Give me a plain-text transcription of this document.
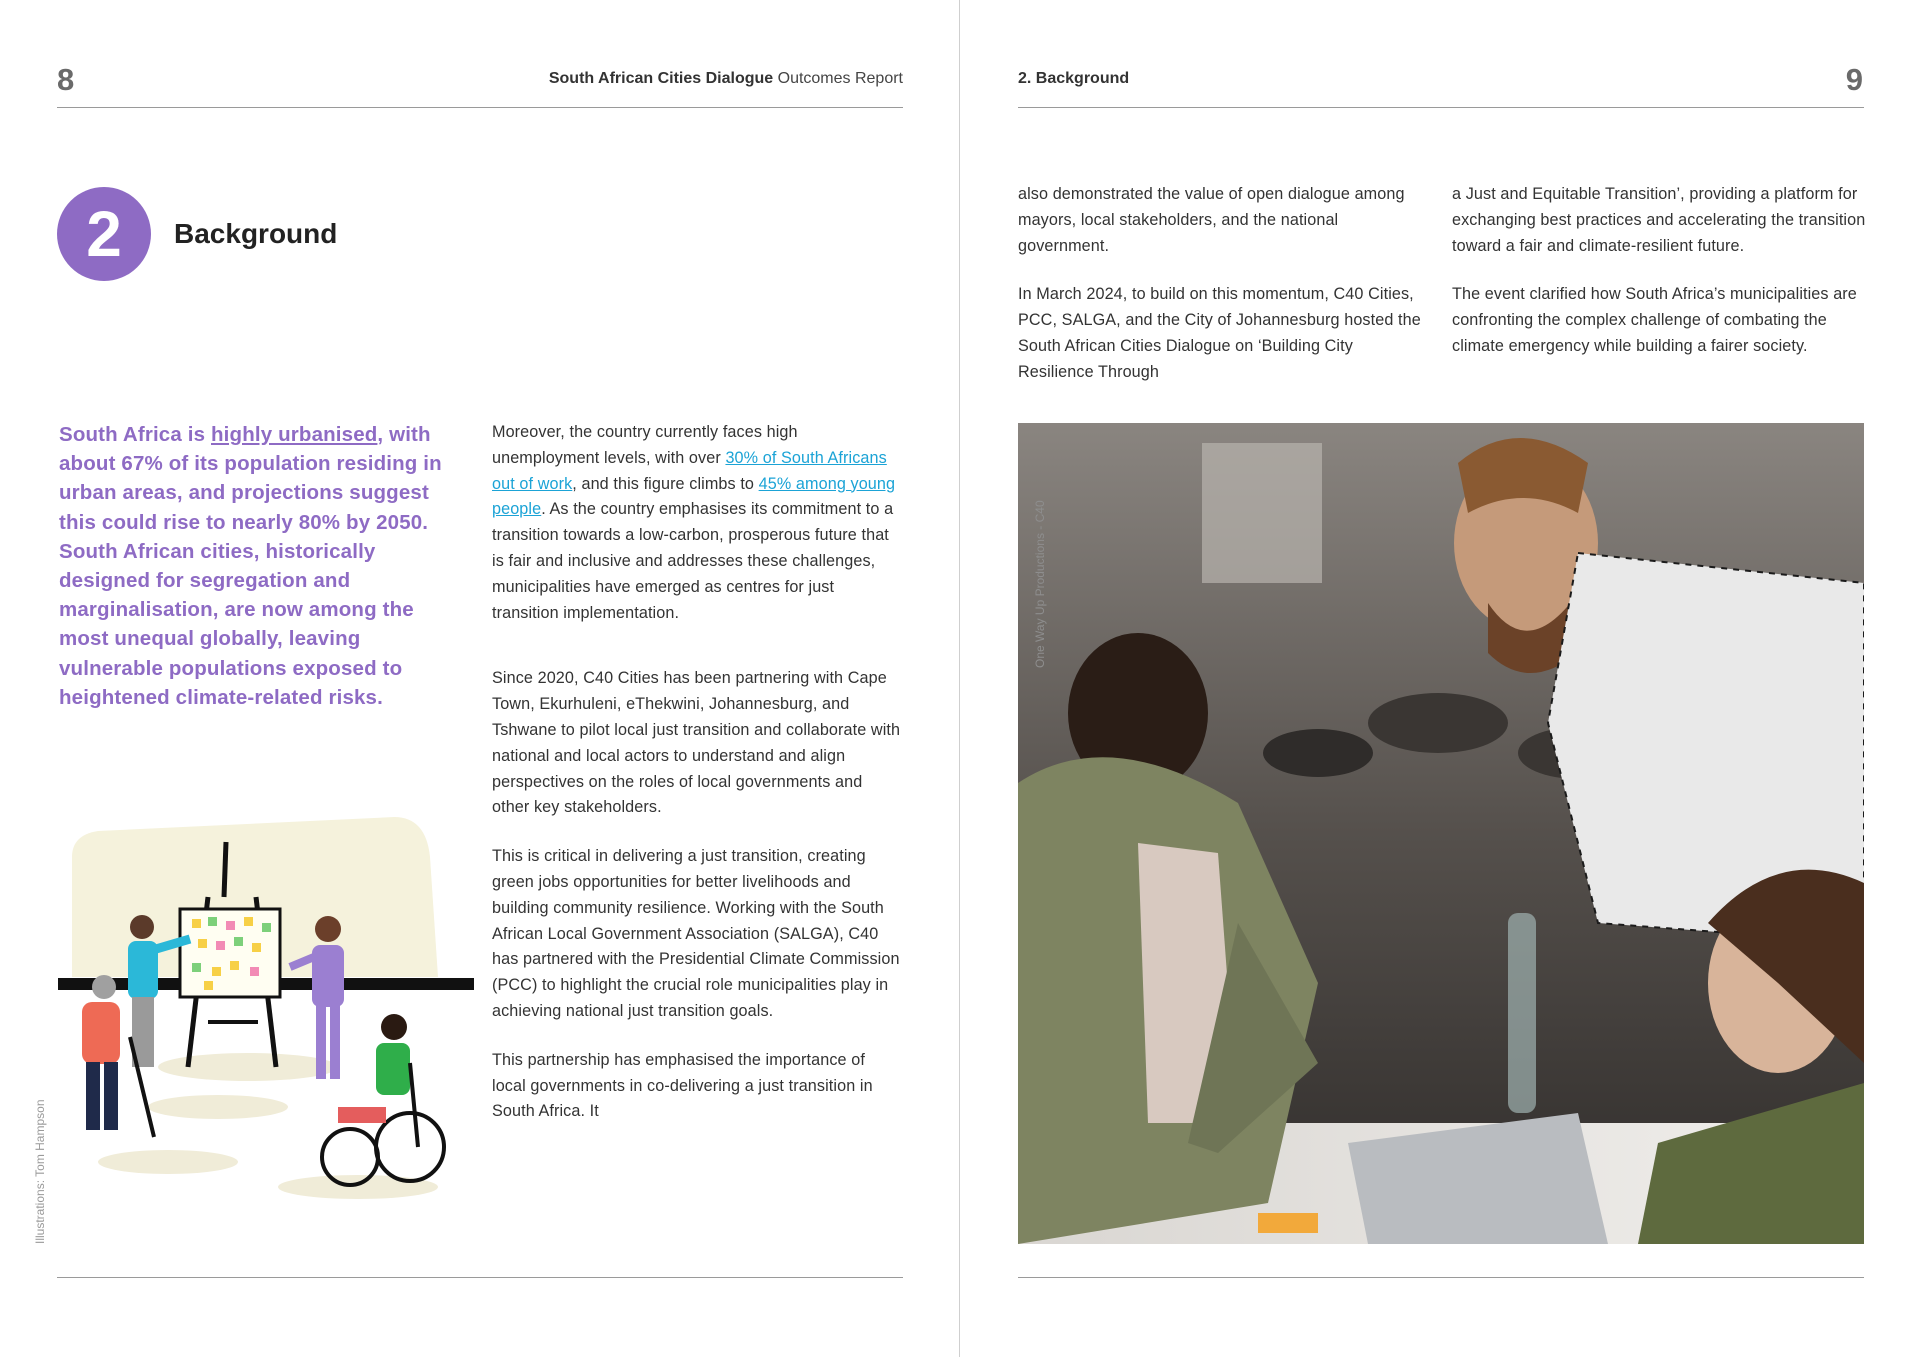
8	South African Cities Dialogue Outcomes Report
2	Background
South Africa is highly urbanised, with about 67% of its population residing in urban areas, and projections suggest this could rise to nearly 80% by 2050. South African cities, historically designed for segregation and marginalisation, are now among the most unequal globally, leaving vulnerable populations exposed to heightened climate-related risks.

Moreover, the country currently faces high unemployment levels, with over 30% of South Africans out of work, and this figure climbs to 45% among young people. As the country emphasises its commitment to a transition towards a low-carbon, prosperous future that is fair and inclusive and addresses these challenges, municipalities have emerged as centres for just transition implementation.

Since 2020, C40 Cities has been partnering with Cape Town, Ekurhuleni, eThekwini, Johannesburg, and Tshwane to pilot local just transition and collaborate with national and local actors to understand and align perspectives on the roles of local governments and other key stakeholders.

This is critical in delivering a just transition, creating green jobs opportunities for better livelihoods and building community resilience. Working with the South African Local Government Association (SALGA), C40 has partnered with the Presidential Climate Commission (PCC) to highlight the crucial role municipalities play in achieving national just transition goals.

This partnership has emphasised the importance of local governments in co-delivering a just transition in South Africa. It

Illustrations: Tom Hampson
2. Background	9

also demonstrated the value of open dialogue among mayors, local stakeholders, and the national government.

In March 2024, to build on this momentum, C40 Cities, PCC, SALGA, and the City of Johannesburg hosted the South African Cities Dialogue on ‘Building City Resilience Through

a Just and Equitable Transition’, providing a platform for exchanging best practices and accelerating the transition toward a fair and climate-resilient future.

The event clarified how South Africa’s municipalities are confronting the complex challenge of combating the climate emergency while building a fairer society.

One Way Up Productions - C40
